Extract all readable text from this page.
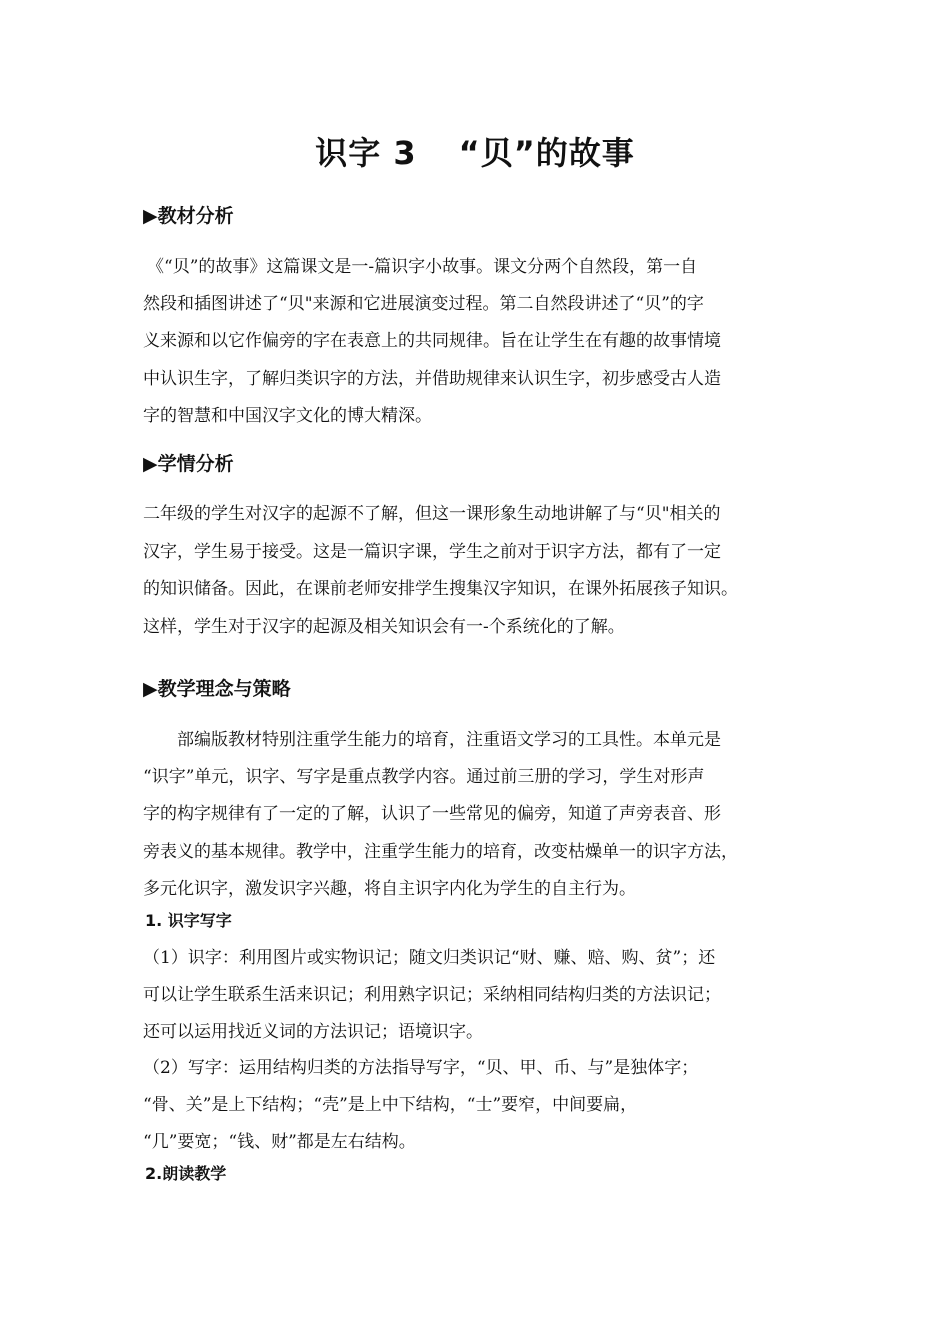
识字 3 “贝”的故事
▶教材分析
《“贝”的故事》这篇课文是一-篇识字小故事。课文分两个自然段，第一自
然段和插图讲述了“贝"来源和它进展演变过程。第二自然段讲述了“贝”的字
义来源和以它作偏旁的字在表意上的共同规律。旨在让学生在有趣的故事情境
中认识生字，了解归类识字的方法，并借助规律来认识生字，初步感受古人造
字的智慧和中国汉字文化的博大精深。
▶学情分析
二年级的学生对汉字的起源不了解，但这一课形象生动地讲解了与“贝"相关的
汉字，学生易于接受。这是一篇识字课，学生之前对于识字方法，都有了一定
的知识储备。因此，在课前老师安排学生搜集汉字知识，在课外拓展孩子知识。
这样，学生对于汉字的起源及相关知识会有一-个系统化的了解。
▶教学理念与策略
部编版教材特别注重学生能力的培育，注重语文学习的工具性。本单元是
“识字”单元，识字、写字是重点教学内容。通过前三册的学习，学生对形声
字的构字规律有了一定的了解，认识了一些常见的偏旁，知道了声旁表音、形
旁表义的基本规律。教学中，注重学生能力的培育，改变枯燥单一的识字方法，
多元化识字，激发识字兴趣，将自主识字内化为学生的自主行为。
1. 识字写字
（1）识字：利用图片或实物识记；随文归类识记“财、赚、赔、购、贫”；还
可以让学生联系生活来识记；利用熟字识记；采纳相同结构归类的方法识记；
还可以运用找近义词的方法识记；语境识字。
（2）写字：运用结构归类的方法指导写字，“贝、甲、币、与”是独体字；
“骨、关”是上下结构；“壳”是上中下结构，“士”要窄，中间要扁，
“几”要宽；“钱、财”都是左右结构。
2.朗读教学
